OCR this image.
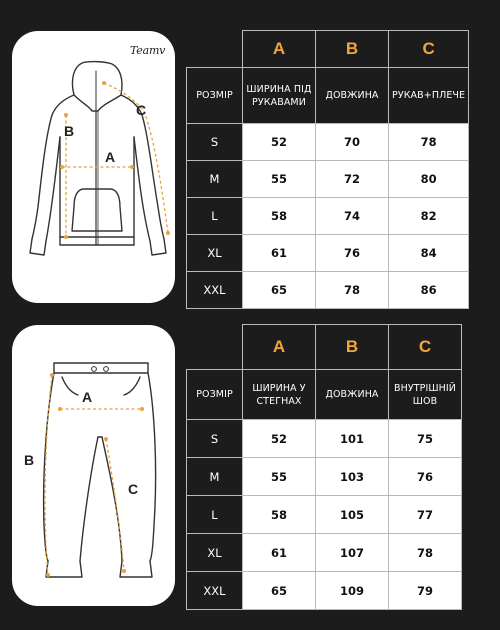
Teamv
B
A
C
	A	B	C
РОЗМІР	ШИРИНА ПІД РУКАВАМИ	ДОВЖИНА	РУКАВ+ПЛЕЧЕ

S	52	70	78
M	55	72	80
L	58	74	82
XL	61	76	84
XXL	65	78	86
A
B
C
	A	B	C
РОЗМІР	ШИРИНА У СТЕГНАХ	ДОВЖИНА	ВНУТРІШНІЙ ШОВ

S	52	101	75
M	55	103	76
L	58	105	77
XL	61	107	78
XXL	65	109	79
